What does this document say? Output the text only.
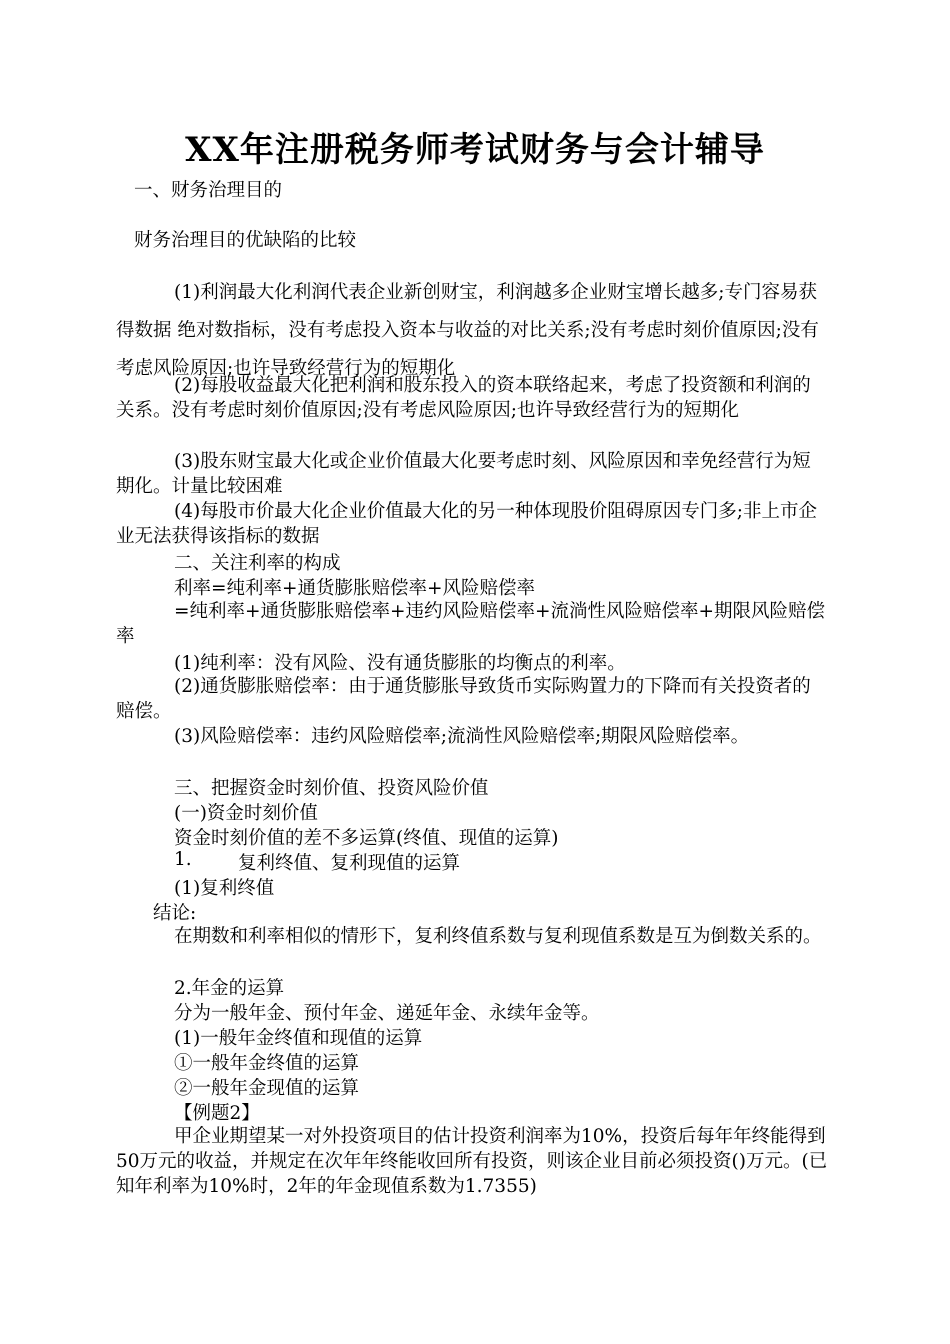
XX年注册税务师考试财务与会计辅导
一、财务治理目的
财务治理目的优缺陷的比较
(1)利润最大化利润代表企业新创财宝，利润越多企业财宝增长越多;专门容易获得数据 绝对数指标，没有考虑投入资本与收益的对比关系;没有考虑时刻价值原因;没有考虑风险原因;也许导致经营行为的短期化
(2)每股收益最大化把利润和股东投入的资本联络起来，考虑了投资额和利润的关系。没有考虑时刻价值原因;没有考虑风险原因;也许导致经营行为的短期化
(3)股东财宝最大化或企业价值最大化要考虑时刻、风险原因和幸免经营行为短期化。计量比较困难
(4)每股市价最大化企业价值最大化的另一种体现股价阻碍原因专门多;非上市企业无法获得该指标的数据
二、关注利率的构成
利率=纯利率+通货膨胀赔偿率+风险赔偿率
=纯利率+通货膨胀赔偿率+违约风险赔偿率+流淌性风险赔偿率+期限风险赔偿率
(1)纯利率：没有风险、没有通货膨胀的均衡点的利率。
(2)通货膨胀赔偿率：由于通货膨胀导致货币实际购置力的下降而有关投资者的赔偿。
(3)风险赔偿率：违约风险赔偿率;流淌性风险赔偿率;期限风险赔偿率。
三、把握资金时刻价值、投资风险价值
(一)资金时刻价值
资金时刻价值的差不多运算(终值、现值的运算)
1.	复利终值、复利现值的运算
(1)复利终值
结论:
在期数和利率相似的情形下，复利终值系数与复利现值系数是互为倒数关系的。
2.年金的运算
分为一般年金、预付年金、递延年金、永续年金等。
(1)一般年金终值和现值的运算
①一般年金终值的运算
②一般年金现值的运算
【例题2】
甲企业期望某一对外投资项目的估计投资利润率为10%，投资后每年年终能得到50万元的收益，并规定在次年年终能收回所有投资，则该企业目前必须投资()万元。(已知年利率为10%时，2年的年金现值系数为1.7355)
